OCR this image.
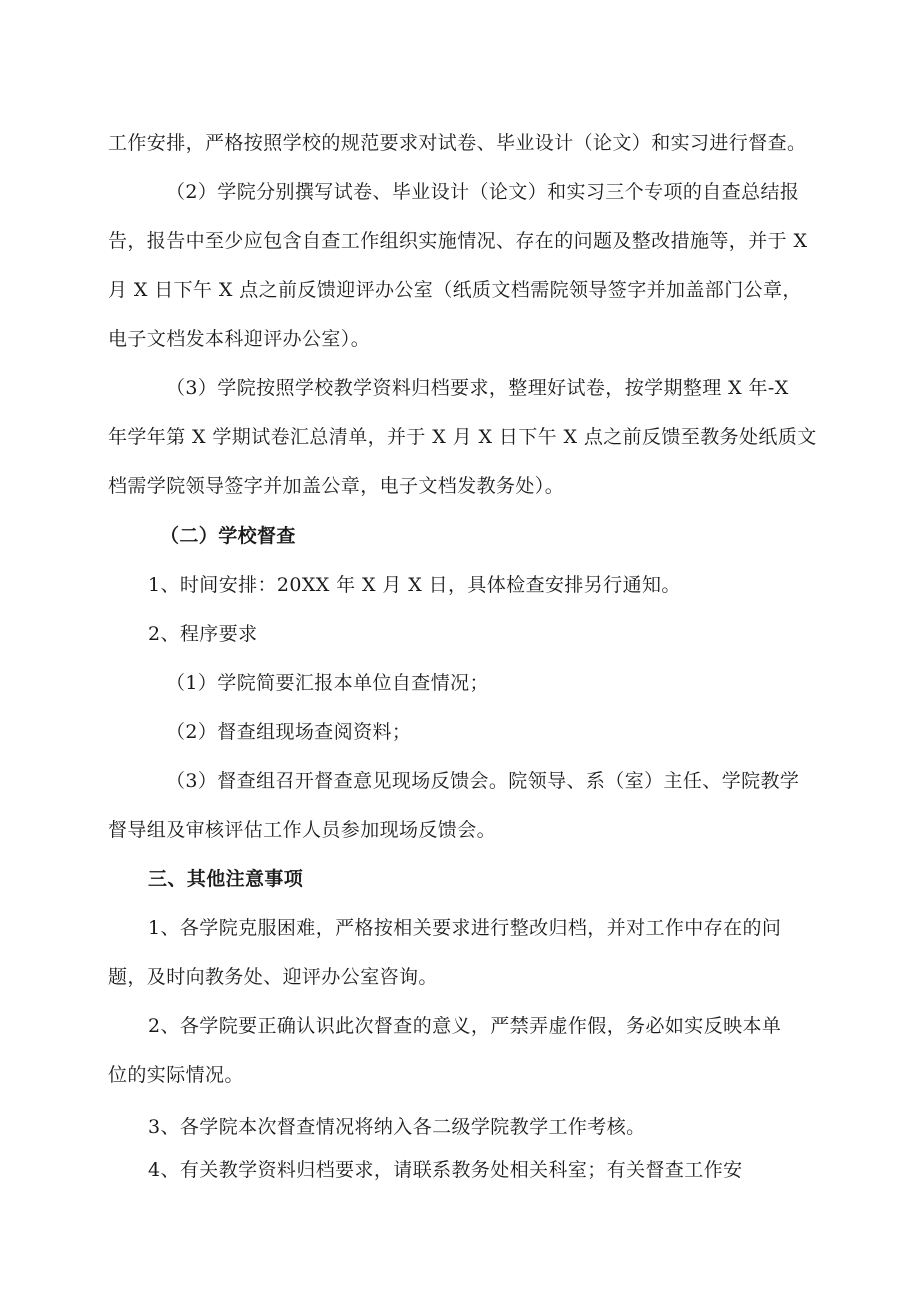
工作安排，严格按照学校的规范要求对试卷、毕业设计（论文）和实习进行督查。
（2）学院分别撰写试卷、毕业设计（论文）和实习三个专项的自查总结报
告，报告中至少应包含自查工作组织实施情况、存在的问题及整改措施等，并于 X
月 X 日下午 X 点之前反馈迎评办公室（纸质文档需院领导签字并加盖部门公章，
电子文档发本科迎评办公室）。
（3）学院按照学校教学资料归档要求，整理好试卷，按学期整理 X 年-X
年学年第 X 学期试卷汇总清单，并于 X 月 X 日下午 X 点之前反馈至教务处纸质文
档需学院领导签字并加盖公章，电子文档发教务处）。
（二）学校督查
1、时间安排：20XX 年 X 月 X 日，具体检查安排另行通知。
2、程序要求
（1）学院简要汇报本单位自查情况；
（2）督查组现场查阅资料；
（3）督查组召开督查意见现场反馈会。院领导、系（室）主任、学院教学
督导组及审核评估工作人员参加现场反馈会。
三、其他注意事项
1、各学院克服困难，严格按相关要求进行整改归档，并对工作中存在的问
题，及时向教务处、迎评办公室咨询。
2、各学院要正确认识此次督查的意义，严禁弄虚作假，务必如实反映本单
位的实际情况。
3、各学院本次督查情况将纳入各二级学院教学工作考核。
4、有关教学资料归档要求，请联系教务处相关科室；有关督查工作安
